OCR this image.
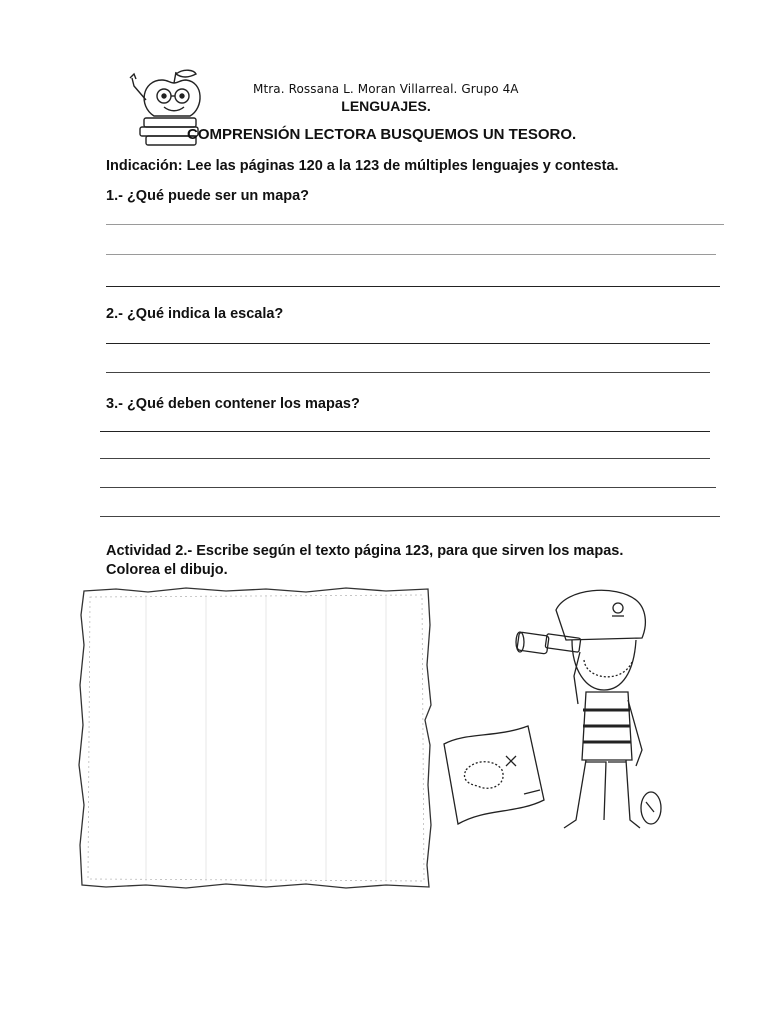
Mtra. Rossana L. Moran Villarreal. Grupo 4A
LENGUAJES.
COMPRENSIÓN LECTORA BUSQUEMOS UN TESORO.
Indicación: Lee las páginas 120 a la 123 de múltiples lenguajes y contesta.
1.- ¿Qué puede ser un mapa?
2.- ¿Qué indica la escala?
3.- ¿Qué deben contener los mapas?
Actividad 2.- Escribe según el texto página 123, para que sirven los mapas.
Colorea el dibujo.
